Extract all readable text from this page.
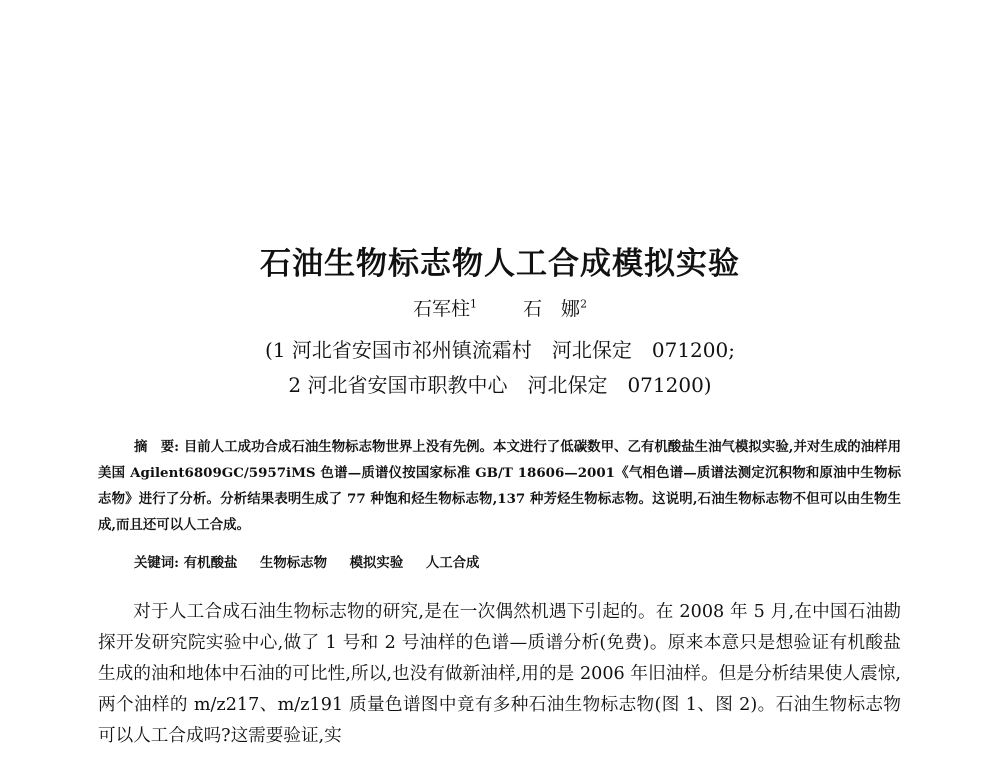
石油生物标志物人工合成模拟实验
石军柱$^1$ 石　娜$^2$
(1 河北省安国市祁州镇流霜村　河北保定　071200;
2 河北省安国市职教中心　河北保定　071200)
摘　要: 目前人工成功合成石油生物标志物世界上没有先例。本文进行了低碳数甲、乙有机酸盐生油气模拟实验,并对生成的油样用美国 Agilent6809GC/5957iMS 色谱—质谱仪按国家标准 GB/T 18606—2001《气相色谱—质谱法测定沉积物和原油中生物标志物》进行了分析。分析结果表明生成了 77 种饱和烃生物标志物,137 种芳烃生物标志物。这说明,石油生物标志物不但可以由生物生成,而且还可以人工合成。
关键词: 有机酸盐 生物标志物 模拟实验 人工合成
对于人工合成石油生物标志物的研究,是在一次偶然机遇下引起的。在 2008 年 5 月,在中国石油勘探开发研究院实验中心,做了 1 号和 2 号油样的色谱—质谱分析(免费)。原来本意只是想验证有机酸盐生成的油和地体中石油的可比性,所以,也没有做新油样,用的是 2006 年旧油样。但是分析结果使人震惊,两个油样的 m/z217、m/z191 质量色谱图中竟有多种石油生物标志物(图 1、图 2)。石油生物标志物可以人工合成吗?这需要验证,实
